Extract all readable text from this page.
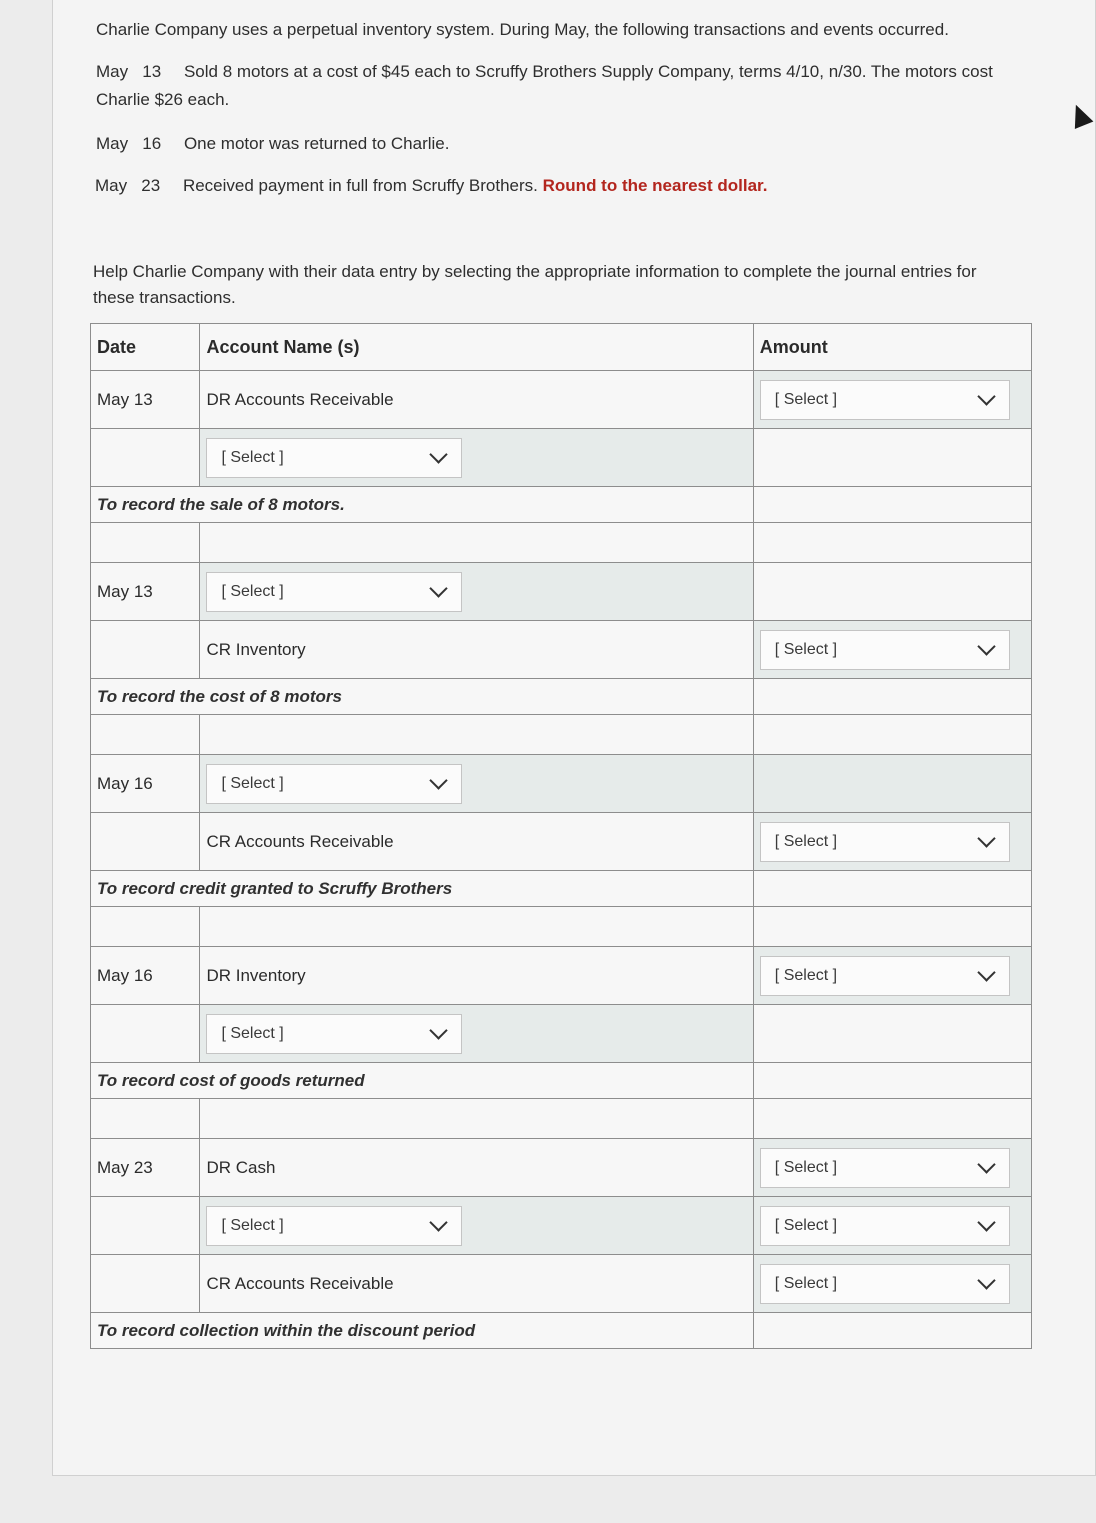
Charlie Company uses a perpetual inventory system. During May, the following transactions and events occurred.
May 13 Sold 8 motors at a cost of $45 each to Scruffy Brothers Supply Company, terms 4/10, n/30. The motors cost
Charlie $26 each.
May 16 One motor was returned to Charlie.
May 23 Received payment in full from Scruffy Brothers. Round to the nearest dollar.
Help Charlie Company with their data entry by selecting the appropriate information to complete the journal entries for
these transactions.
Date	Account Name (s)	Amount
May 13	DR Accounts Receivable	[ Select ]

	[ Select ]	

To record the sale of 8 motors.		

May 13	[ Select ]	

	CR Inventory	[ Select ]

To record the cost of 8 motors		

May 16	[ Select ]	

	CR Accounts Receivable	[ Select ]

To record credit granted to Scruffy Brothers		

May 16	DR Inventory	[ Select ]

	[ Select ]	

To record cost of goods returned		

May 23	DR Cash	[ Select ]

	[ Select ]	[ Select ]

	CR Accounts Receivable	[ Select ]

To record collection within the discount period		
